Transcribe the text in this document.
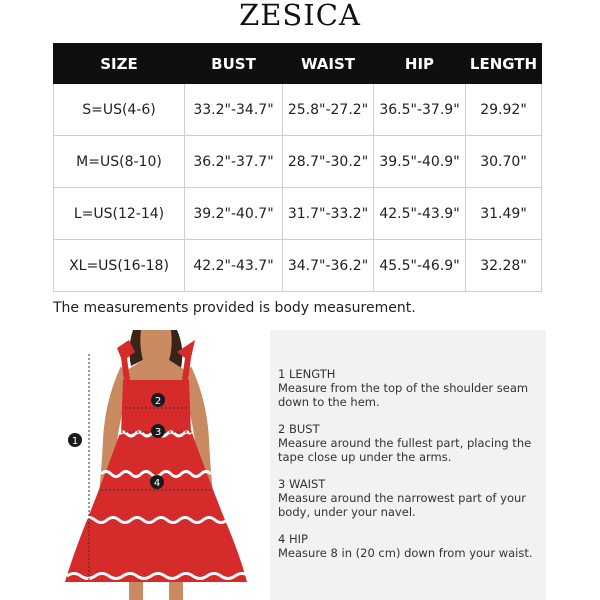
ZESICA
SIZE	BUST	WAIST	HIP	LENGTH
S=US(4-6)	33.2"-34.7"	25.8"-27.2"	36.5"-37.9"	29.92"
M=US(8-10)	36.2"-37.7"	28.7"-30.2"	39.5"-40.9"	30.70"
L=US(12-14)	39.2"-40.7"	31.7"-33.2"	42.5"-43.9"	31.49"
XL=US(16-18)	42.2"-43.7"	34.7"-36.2"	45.5"-46.9"	32.28"
The measurements provided is body measurement.
1
2
3
4
1 LENGTH
Measure from the top of the shoulder seam down to the hem.
2 BUST
Measure around the fullest part, placing the tape close up under the arms.
3 WAIST
Measure around the narrowest part of your body, under your navel.
4 HIP
Measure 8 in (20 cm) down from your waist.
